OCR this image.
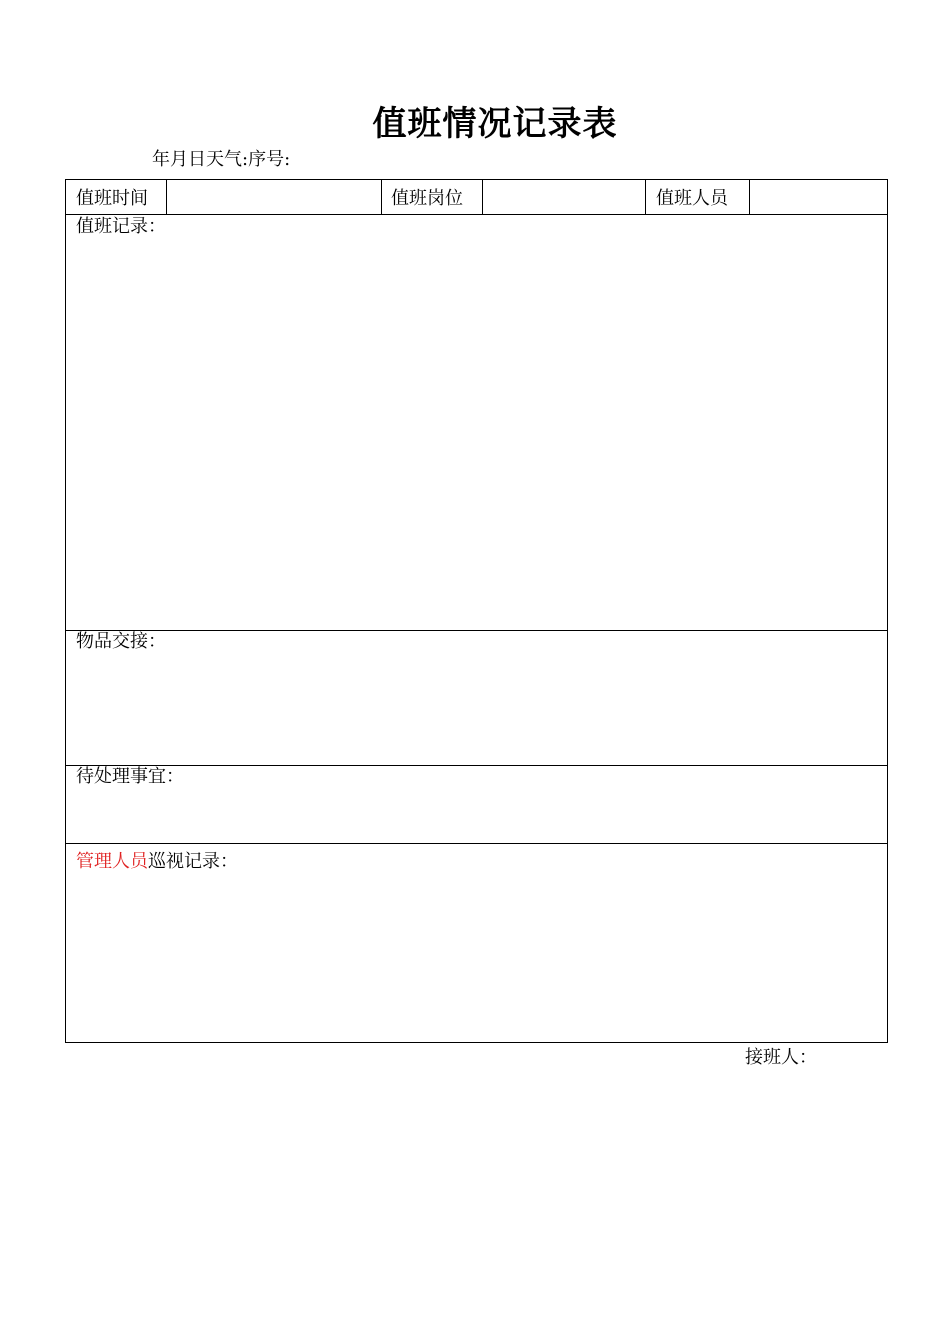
值班情况记录表
年月日天气:序号:
值班时间	值班岗位	值班人员
值班记录：
物品交接：
待处理事宜：
管理人员巡视记录：
接班人：
